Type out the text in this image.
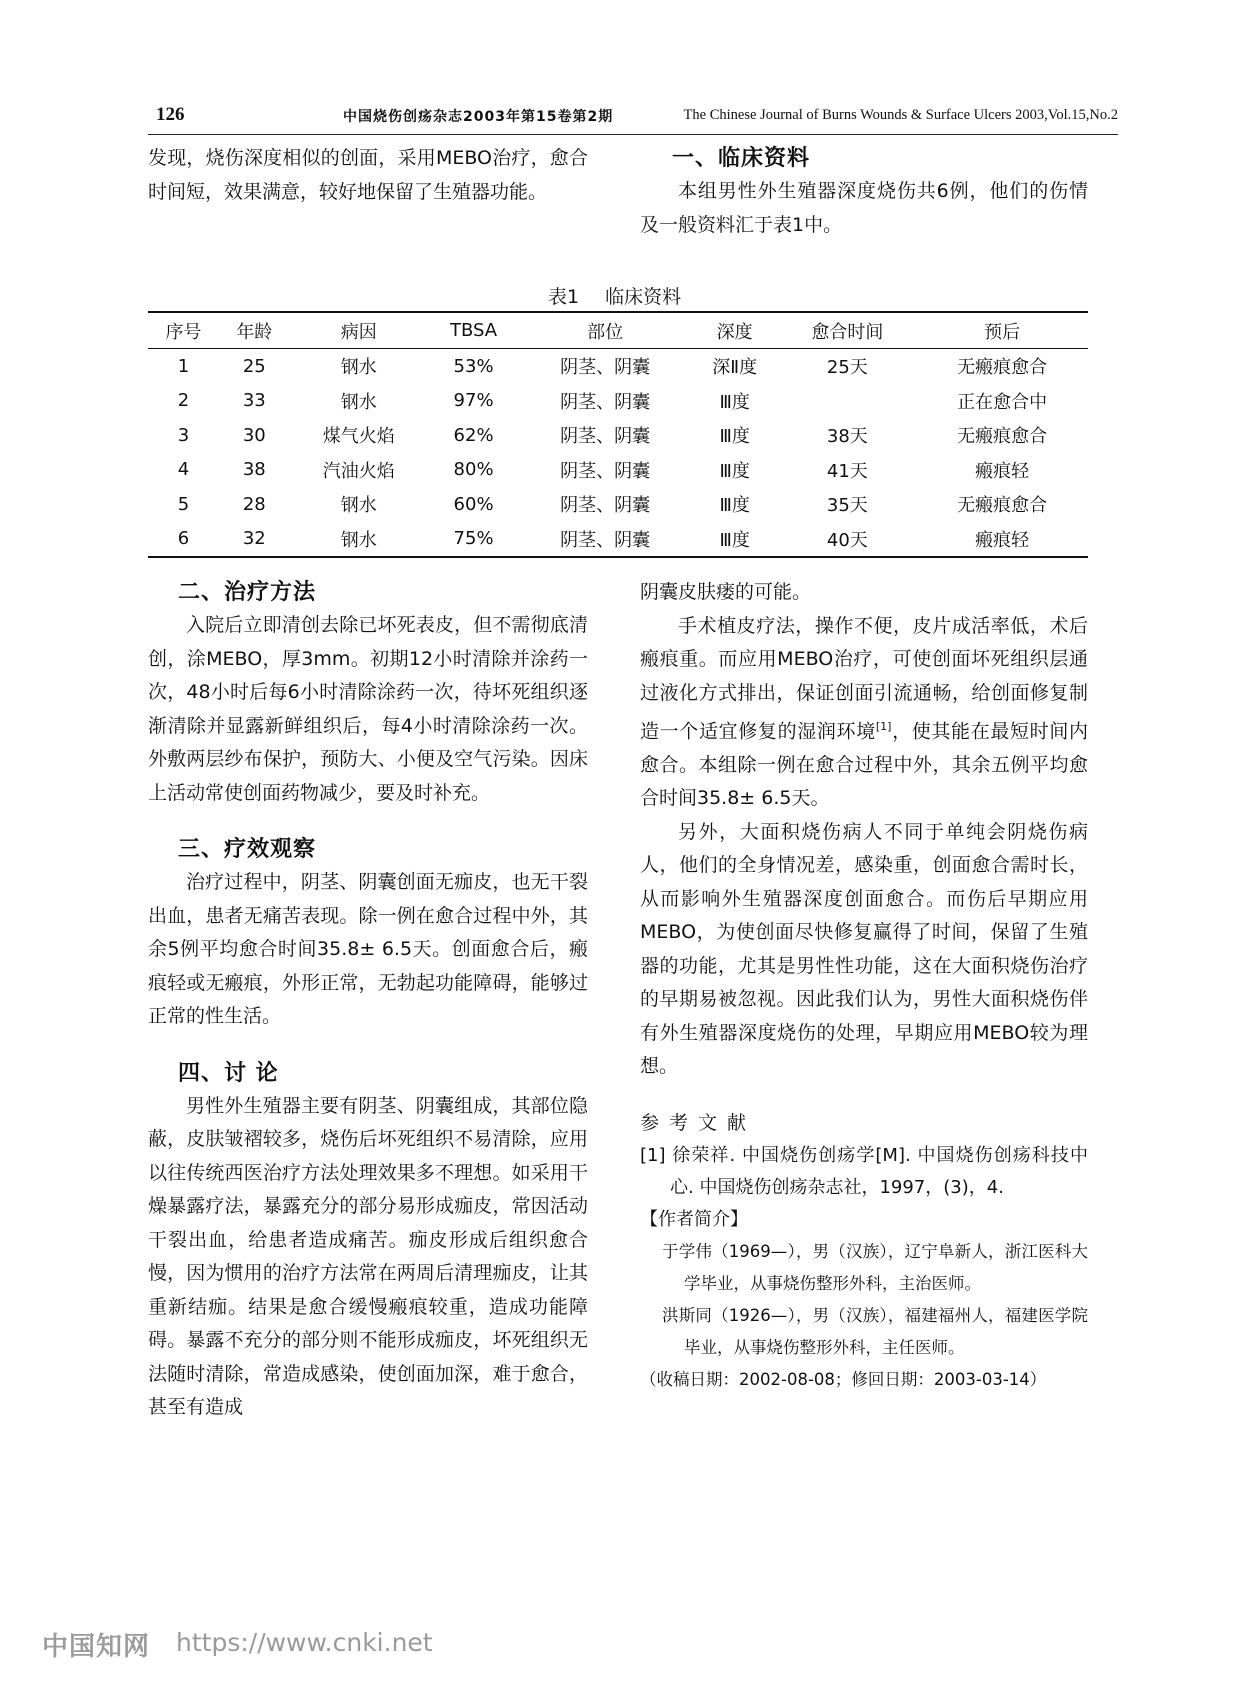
126	中国烧伤创疡杂志2003年第15卷第2期	The Chinese Journal of Burns Wounds & Surface Ulcers 2003,Vol.15,No.2

发现，烧伤深度相似的创面，采用MEBO治疗，愈合时间短，效果满意，较好地保留了生殖器功能。

一、临床资料

本组男性外生殖器深度烧伤共6例，他们的伤情及一般资料汇于表1中。

表1 临床资料
序号	年龄	病因	TBSA	部位	深度	愈合时间	预后
1	25	钢水	53%	阴茎、阴囊	深Ⅱ度	25天	无瘢痕愈合
2	33	钢水	97%	阴茎、阴囊	Ⅲ度		正在愈合中
3	30	煤气火焰	62%	阴茎、阴囊	Ⅲ度	38天	无瘢痕愈合
4	38	汽油火焰	80%	阴茎、阴囊	Ⅲ度	41天	瘢痕轻
5	28	钢水	60%	阴茎、阴囊	Ⅲ度	35天	无瘢痕愈合
6	32	钢水	75%	阴茎、阴囊	Ⅲ度	40天	瘢痕轻
二、治疗方法

入院后立即清创去除已坏死表皮，但不需彻底清创，涂MEBO，厚3mm。初期12小时清除并涂药一次，48小时后每6小时清除涂药一次，待坏死组织逐渐清除并显露新鲜组织后，每4小时清除涂药一次。外敷两层纱布保护，预防大、小便及空气污染。因床上活动常使创面药物减少，要及时补充。

三、疗效观察

治疗过程中，阴茎、阴囊创面无痂皮，也无干裂出血，患者无痛苦表现。除一例在愈合过程中外，其余5例平均愈合时间35.8± 6.5天。创面愈合后，瘢痕轻或无瘢痕，外形正常，无勃起功能障碍，能够过正常的性生活。

四、讨 论

男性外生殖器主要有阴茎、阴囊组成，其部位隐蔽，皮肤皱褶较多，烧伤后坏死组织不易清除，应用以往传统西医治疗方法处理效果多不理想。如采用干燥暴露疗法，暴露充分的部分易形成痂皮，常因活动干裂出血，给患者造成痛苦。痂皮形成后组织愈合慢，因为惯用的治疗方法常在两周后清理痂皮，让其重新结痂。结果是愈合缓慢瘢痕较重，造成功能障碍。暴露不充分的部分则不能形成痂皮，坏死组织无法随时清除，常造成感染，使创面加深，难于愈合，甚至有造成

阴囊皮肤瘘的可能。

手术植皮疗法，操作不便，皮片成活率低，术后瘢痕重。而应用MEBO治疗，可使创面坏死组织层通过液化方式排出，保证创面引流通畅，给创面修复制造一个适宜修复的湿润环境[1]，使其能在最短时间内愈合。本组除一例在愈合过程中外，其余五例平均愈合时间35.8± 6.5天。

另外，大面积烧伤病人不同于单纯会阴烧伤病人，他们的全身情况差，感染重，创面愈合需时长，从而影响外生殖器深度创面愈合。而伤后早期应用MEBO，为使创面尽快修复赢得了时间，保留了生殖器的功能，尤其是男性性功能，这在大面积烧伤治疗的早期易被忽视。因此我们认为，男性大面积烧伤伴有外生殖器深度烧伤的处理，早期应用MEBO较为理想。

参考文献

[1] 徐荣祥. 中国烧伤创疡学[M]. 中国烧伤创疡科技中心. 中国烧伤创疡杂志社，1997，(3)，4.

【作者简介】

于学伟（1969—），男（汉族），辽宁阜新人，浙江医科大学毕业，从事烧伤整形外科，主治医师。

洪斯同（1926—），男（汉族），福建福州人，福建医学院毕业，从事烧伤整形外科，主任医师。

（收稿日期：2002-08-08；修回日期：2003-03-14）

中国知网 https://www.cnki.net
